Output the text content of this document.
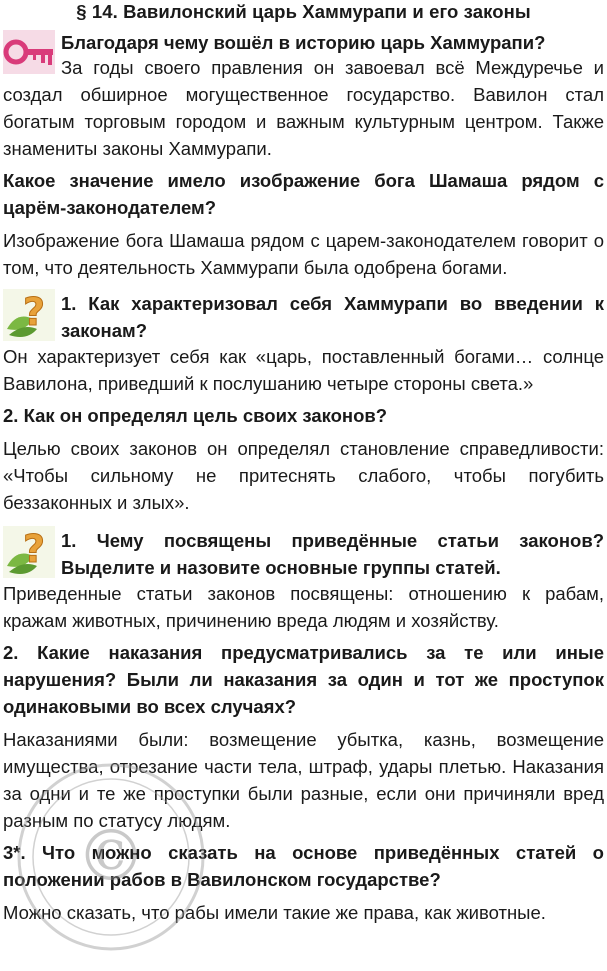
§ 14. Вавилонский царь Хаммурапи и его законы

Благодаря чему вошёл в историю царь Хаммурапи?

За годы своего правления он завоевал всё Междуречье и создал обширное могущественное государство. Вавилон стал богатым торговым городом и важным культурным центром. Также знамениты законы Хаммурапи.

Какое значение имело изображение бога Шамаша рядом с царём-законодателем?

Изображение бога Шамаша рядом с царем-законодателем говорит о том, что деятельность Хаммурапи была одобрена богами.

? 1. Как характеризовал себя Хаммурапи во введении к законам?

Он характеризует себя как «царь, поставленный богами… солнце Вавилона, приведший к послушанию четыре стороны света.»

2. Как он определял цель своих законов?

Целью своих законов он определял становление справедливости: «Чтобы сильному не притеснять слабого, чтобы погубить беззаконных и злых».

? 1. Чему посвящены приведённые статьи законов? Выделите и назовите основные группы статей.

Приведенные статьи законов посвящены: отношению к рабам, кражам животных, причинению вреда людям и хозяйству.

2. Какие наказания предусматривались за те или иные нарушения? Были ли наказания за один и тот же проступок одинаковыми во всех случаях?

Наказаниями были: возмещение убытка, казнь, возмещение имущества, отрезание части тела, штраф, удары плетью. Наказания за одни и те же проступки были разные, если они причиняли вред разным по статусу людям.

3*. Что можно сказать на основе приведённых статей о положении рабов в Вавилонском государстве?

Можно сказать, что рабы имели такие же права, как животные.

©
